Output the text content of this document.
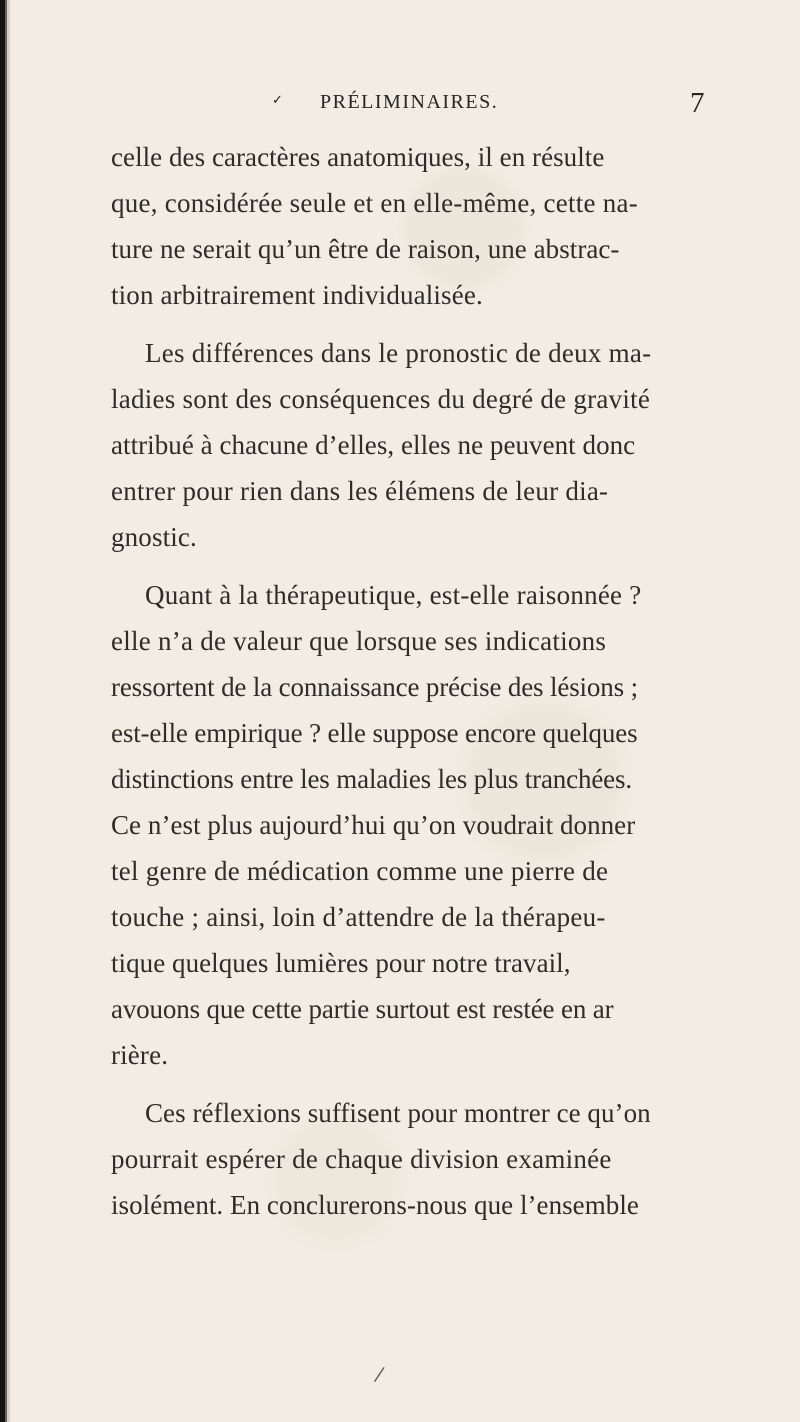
✓ PRÉLIMINAIRES.	7
celle des caractères anatomiques, il en résulte
que, considérée seule et en elle-même, cette na-
ture ne serait qu’un être de raison, une abstrac-
tion arbitrairement individualisée.
Les différences dans le pronostic de deux ma-
ladies sont des conséquences du degré de gravité
attribué à chacune d’elles, elles ne peuvent donc
entrer pour rien dans les élémens de leur dia-
gnostic.
Quant à la thérapeutique, est-elle raisonnée ?
elle n’a de valeur que lorsque ses indications
ressortent de la connaissance précise des lésions ;
est-elle empirique ? elle suppose encore quelques
distinctions entre les maladies les plus tranchées.
Ce n’est plus aujourd’hui qu’on voudrait donner
tel genre de médication comme une pierre de
touche ; ainsi, loin d’attendre de la thérapeu-
tique quelques lumières pour notre travail,
avouons que cette partie surtout est restée en ar
rière.
Ces réflexions suffisent pour montrer ce qu’on
pourrait espérer de chaque division examinée
isolément. En conclurerons-nous que l’ensemble
/
